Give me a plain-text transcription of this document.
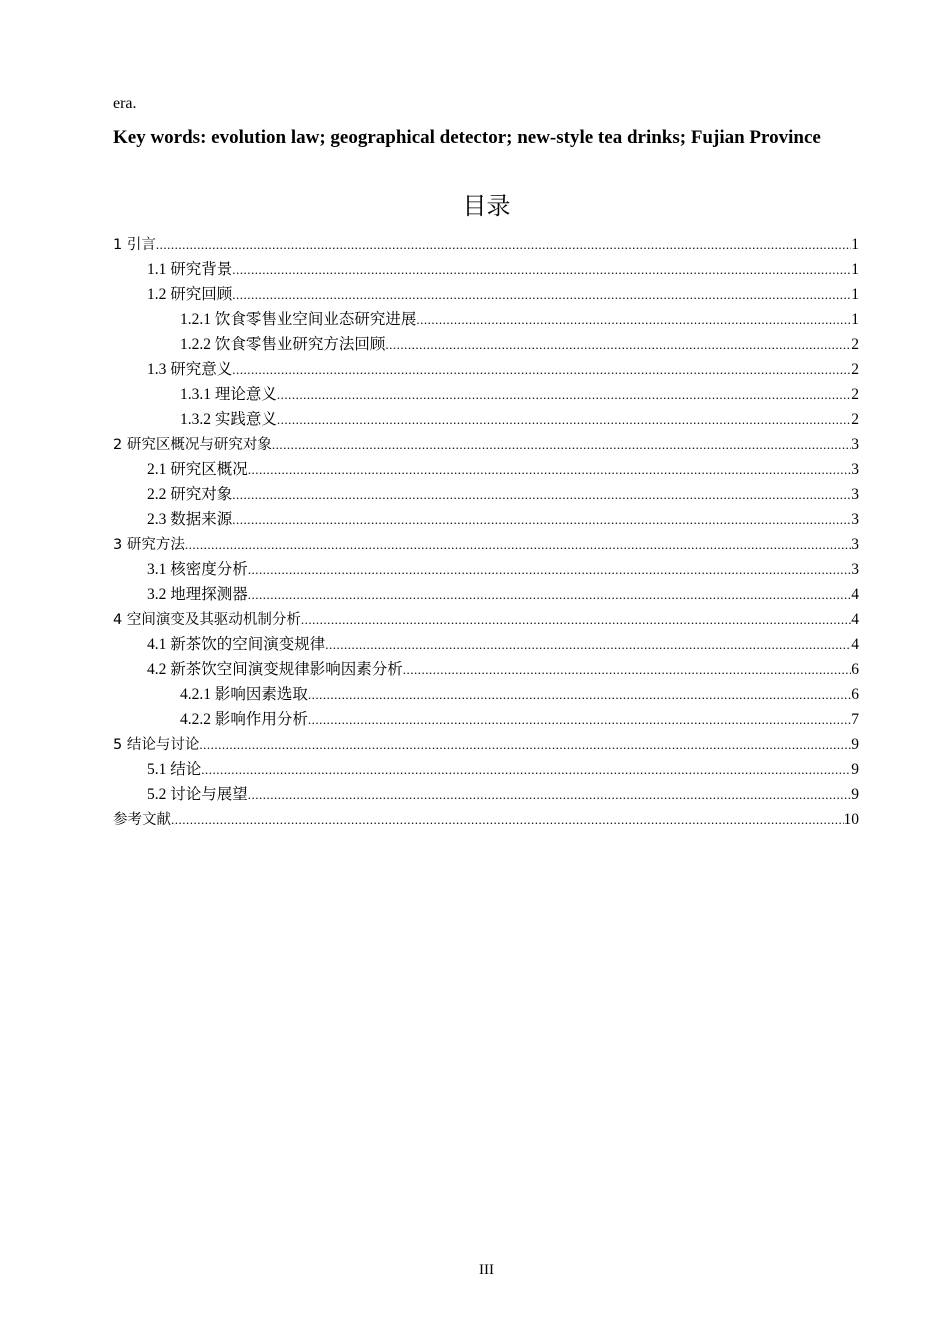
era.
Key words: evolution law; geographical detector; new-style tea drinks; Fujian Province
目录
1 引言 .....	1
1.1 研究背景 .....	1
1.2 研究回顾 .....	1
1.2.1 饮食零售业空间业态研究进展 .....	1
1.2.2 饮食零售业研究方法回顾 .....	2
1.3 研究意义 .....	2
1.3.1 理论意义 .....	2
1.3.2 实践意义 .....	2
2 研究区概况与研究对象 .....	3
2.1 研究区概况 .....	3
2.2 研究对象 .....	3
2.3 数据来源 .....	3
3 研究方法 .....	3
3.1 核密度分析 .....	3
3.2 地理探测器 .....	4
4 空间演变及其驱动机制分析 .....	4
4.1 新茶饮的空间演变规律 .....	4
4.2 新茶饮空间演变规律影响因素分析 .....	6
4.2.1 影响因素选取 .....	6
4.2.2 影响作用分析 .....	7
5 结论与讨论 .....	9
5.1 结论 .....	9
5.2 讨论与展望 .....	9
参考文献 .....	10
III
